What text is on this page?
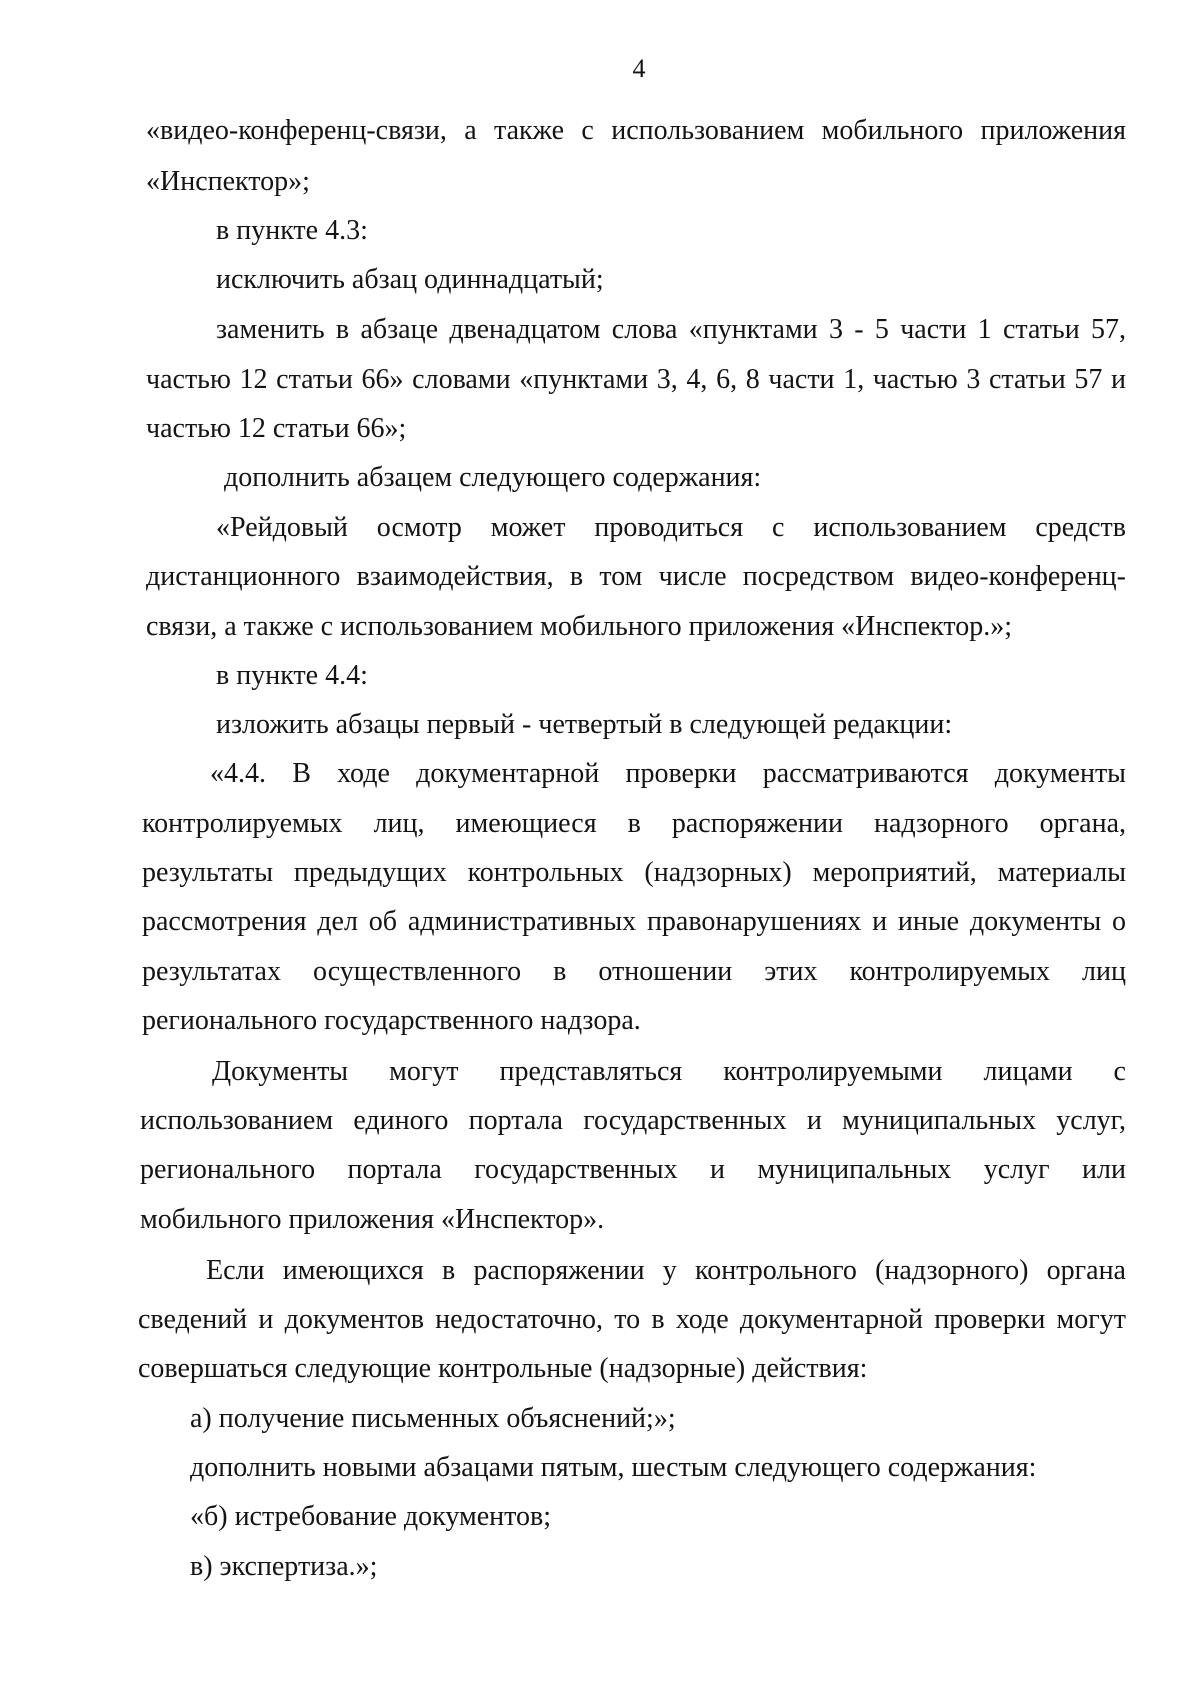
4
«видео-конференц-связи, а также с использованием мобильного приложения
«Инспектор»;
в пункте 4.3:
исключить абзац одиннадцатый;
заменить в абзаце двенадцатом слова «пунктами 3 - 5 части 1 статьи 57,
частью 12 статьи 66» словами «пунктами 3, 4, 6, 8 части 1, частью 3 статьи 57 и
частью 12 статьи 66»;
дополнить абзацем следующего содержания:
«Рейдовый осмотр может проводиться с использованием средств
дистанционного взаимодействия, в том числе посредством видео-конференц-
связи, а также с использованием мобильного приложения «Инспектор.»;
в пункте 4.4:
изложить абзацы первый - четвертый в следующей редакции:
«4.4. В ходе документарной проверки рассматриваются документы
контролируемых лиц, имеющиеся в распоряжении надзорного органа,
результаты предыдущих контрольных (надзорных) мероприятий, материалы
рассмотрения дел об административных правонарушениях и иные документы о
результатах осуществленного в отношении этих контролируемых лиц
регионального государственного надзора.
Документы могут представляться контролируемыми лицами с
использованием единого портала государственных и муниципальных услуг,
регионального портала государственных и муниципальных услуг или
мобильного приложения «Инспектор».
Если имеющихся в распоряжении у контрольного (надзорного) органа
сведений и документов недостаточно, то в ходе документарной проверки могут
совершаться следующие контрольные (надзорные) действия:
а) получение письменных объяснений;»;
дополнить новыми абзацами пятым, шестым следующего содержания:
«б) истребование документов;
в) экспертиза.»;
